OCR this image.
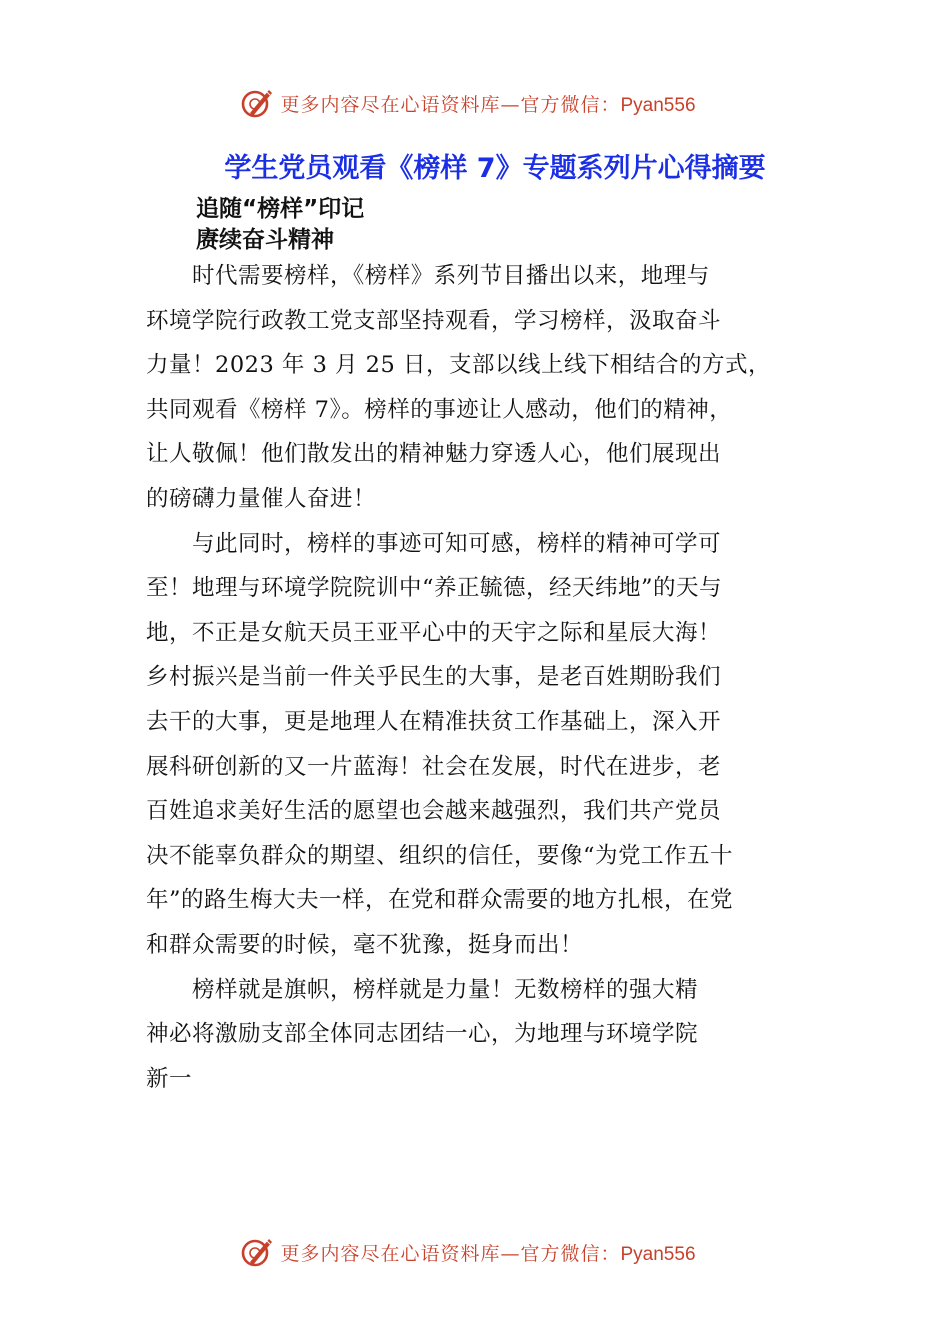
更多内容尽在心语资料库—官方微信：Pyan556
学生党员观看《榜样 7》专题系列片心得摘要
追随“榜样”印记
赓续奋斗精神

　　时代需要榜样，《榜样》系列节目播出以来，地理与
环境学院行政教工党支部坚持观看，学习榜样，汲取奋斗
力量！2023 年 3 月 25 日，支部以线上线下相结合的方式，
共同观看《榜样 7》。榜样的事迹让人感动，他们的精神，
让人敬佩！他们散发出的精神魅力穿透人心，他们展现出
的磅礴力量催人奋进！

　　与此同时，榜样的事迹可知可感，榜样的精神可学可
至！地理与环境学院院训中“养正毓德，经天纬地”的天与
地，不正是女航天员王亚平心中的天宇之际和星辰大海！
乡村振兴是当前一件关乎民生的大事，是老百姓期盼我们
去干的大事，更是地理人在精准扶贫工作基础上，深入开
展科研创新的又一片蓝海！社会在发展，时代在进步，老
百姓追求美好生活的愿望也会越来越强烈，我们共产党员
决不能辜负群众的期望、组织的信任，要像“为党工作五十
年”的路生梅大夫一样，在党和群众需要的地方扎根，在党
和群众需要的时候，毫不犹豫，挺身而出！

　　榜样就是旗帜，榜样就是力量！无数榜样的强大精
神必将激励支部全体同志团结一心，为地理与环境学院
新一

更多内容尽在心语资料库—官方微信：Pyan556
